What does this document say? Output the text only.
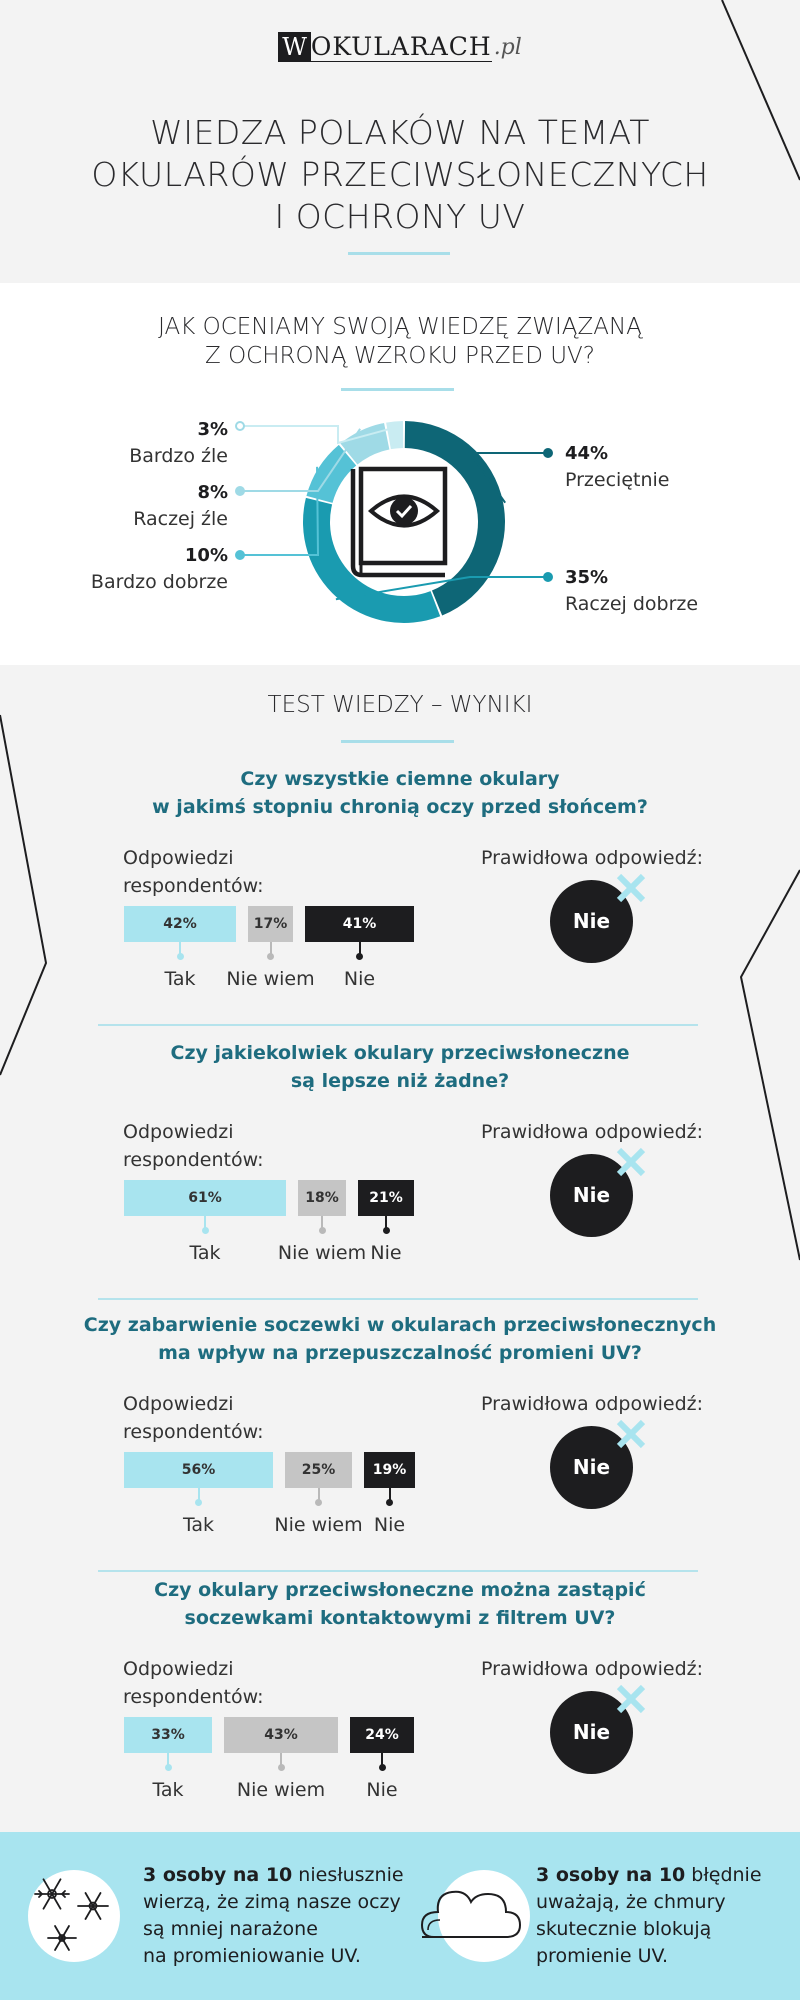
W OKULARACH.pl
WIEDZA POLAKÓW NA TEMAT
OKULARÓW PRZECIWSŁONECZNYCH
I OCHRONY UV
JAK OCENIAMY SWOJĄ WIEDZĘ ZWIĄZANĄ
Z OCHRONĄ WZROKU PRZED UV?
44%
Przeciętnie
35%
Raczej dobrze
10%
Bardzo dobrze
8%
Raczej źle
3%
Bardzo źle
TEST WIEDZY – WYNIKI
Czy wszystkie ciemne okulary
w jakimś stopniu chronią oczy przed słońcem?
Odpowiedzi
respondentów:
Prawidłowa odpowiedź:
Nie
42%
Tak
17%
Nie wiem
41%
Nie
Czy jakiekolwiek okulary przeciwsłoneczne
są lepsze niż żadne?
Odpowiedzi
respondentów:
Prawidłowa odpowiedź:
Nie
61%
Tak
18%
Nie wiem
21%
Nie
Czy zabarwienie soczewki w okularach przeciwsłonecznych
ma wpływ na przepuszczalność promieni UV?
Odpowiedzi
respondentów:
Prawidłowa odpowiedź:
Nie
56%
Tak
25%
Nie wiem
19%
Nie
Czy okulary przeciwsłoneczne można zastąpić
soczewkami kontaktowymi z filtrem UV?
Odpowiedzi
respondentów:
Prawidłowa odpowiedź:
Nie
33%
Tak
43%
Nie wiem
24%
Nie
3 osoby na 10 niesłusznie
wierzą, że zimą nasze oczy
są mniej narażone
na promieniowanie UV.
3 osoby na 10 błędnie
uważają, że chmury
skutecznie blokują
promienie UV.
